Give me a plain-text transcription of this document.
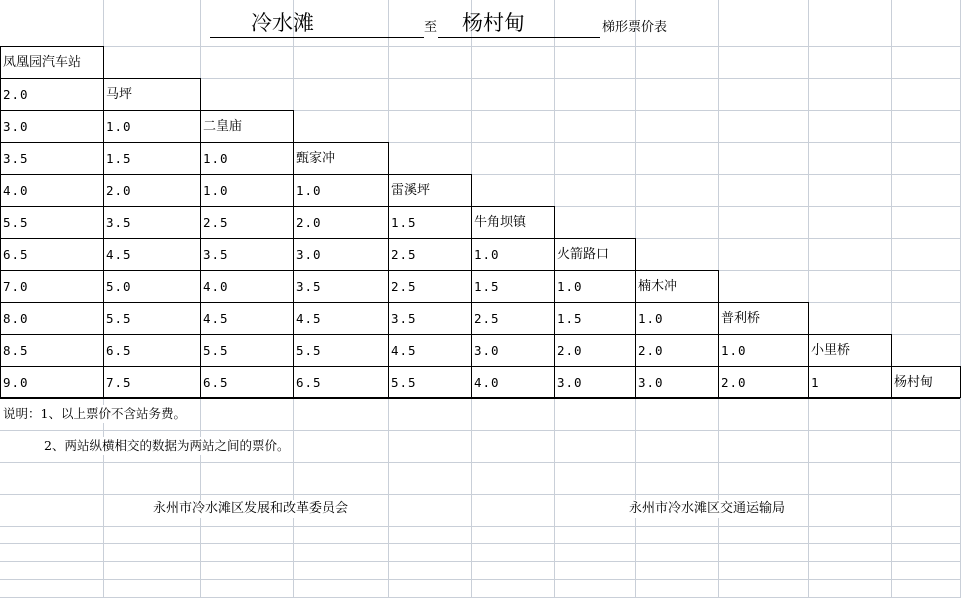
冷水滩	至 杨村甸	梯形票价表
凤凰园汽车站
2.0	马坪
3.0	1.0	二皇庙
3.5	1.5	1.0	甄家冲
4.0	2.0	1.0	1.0	雷溪坪
5.5	3.5	2.5	2.0	1.5	牛角坝镇
6.5	4.5	3.5	3.0	2.5	1.0	火箭路口
7.0	5.0	4.0	3.5	2.5	1.5	1.0	楠木冲
8.0	5.5	4.5	4.5	3.5	2.5	1.5	1.0	普利桥
8.5	6.5	5.5	5.5	4.5	3.0	2.0	2.0	1.0	小里桥
9.0	7.5	6.5	6.5	5.5	4.0	3.0	3.0	2.0	1	杨村甸
说明：1、以上票价不含站务费。
2、两站纵横相交的数据为两站之间的票价。
永州市冷水滩区发展和改革委员会	永州市冷水滩区交通运输局
